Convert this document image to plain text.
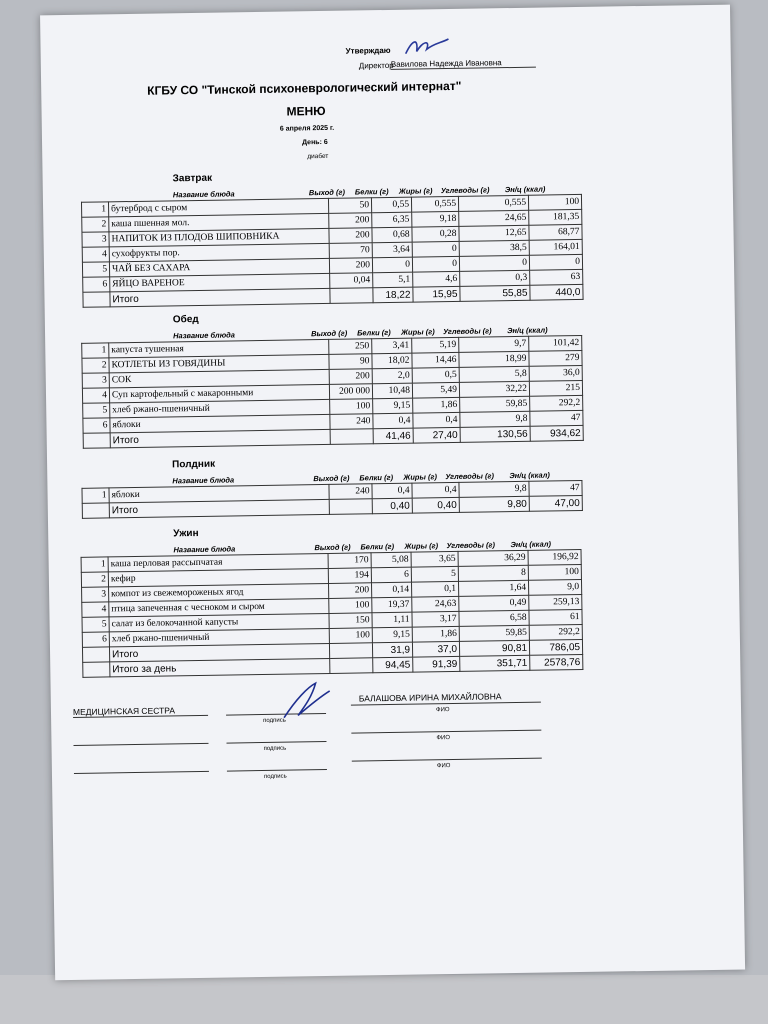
Утверждаю
Директор
Вавилова Надежда Ивановна
КГБУ СО "Тинской психоневрологический интернат"
МЕНЮ
6 апреля 2025 г.
День: 6
диабет
Завтрак
Название блюда	Выход (г) Белки (г) Жиры (г) Углеводы (г) Эн/ц (ккал)
1	бутерброд с сыром	50	0,55	0,555	0,555	100
2	каша пшенная мол.	200	6,35	9,18	24,65	181,35
3	НАПИТОК ИЗ ПЛОДОВ ШИПОВНИКА	200	0,68	0,28	12,65	68,77
4	сухофрукты пор.	70	3,64	0	38,5	164,01
5	ЧАЙ БЕЗ САХАРА	200	0	0	0	0
6	ЯЙЦО ВАРЕНОЕ	0,04	5,1	4,6	0,3	63
	Итого		18,22	15,95	55,85	440,0
Обед
Название блюда	Выход (г) Белки (г) Жиры (г) Углеводы (г) Эн/ц (ккал)
1	капуста тушенная	250	3,41	5,19	9,7	101,42
2	КОТЛЕТЫ ИЗ ГОВЯДИНЫ	90	18,02	14,46	18,99	279
3	СОК	200	2,0	0,5	5,8	36,0
4	Суп картофельный с макаронными	200 000	10,48	5,49	32,22	215
5	хлеб ржано-пшеничный	100	9,15	1,86	59,85	292,2
6	яблоки	240	0,4	0,4	9,8	47
	Итого		41,46	27,40	130,56	934,62
Полдник
Название блюда	Выход (г) Белки (г) Жиры (г) Углеводы (г) Эн/ц (ккал)
1	яблоки	240	0,4	0,4	9,8	47
	Итого		0,40	0,40	9,80	47,00
Ужин
Название блюда	Выход (г) Белки (г) Жиры (г) Углеводы (г) Эн/ц (ккал)
1	каша перловая рассыпчатая	170	5,08	3,65	36,29	196,92
2	кефир	194	6	5	8	100
3	компот из свежемороженых ягод	200	0,14	0,1	1,64	9,0
4	птица запеченная с чесноком и сыром	100	19,37	24,63	0,49	259,13
5	салат из белокочанной капусты	150	1,11	3,17	6,58	61
6	хлеб ржано-пшеничный	100	9,15	1,86	59,85	292,2
	Итого		31,9	37,0	90,81	786,05
	Итого за день		94,45	91,39	351,71	2578,76
МЕДИЦИНСКАЯ СЕСТРА
подпись
БАЛАШОВА ИРИНА МИХАЙЛОВНА
ФИО
подпись
ФИО
подпись
ФИО
